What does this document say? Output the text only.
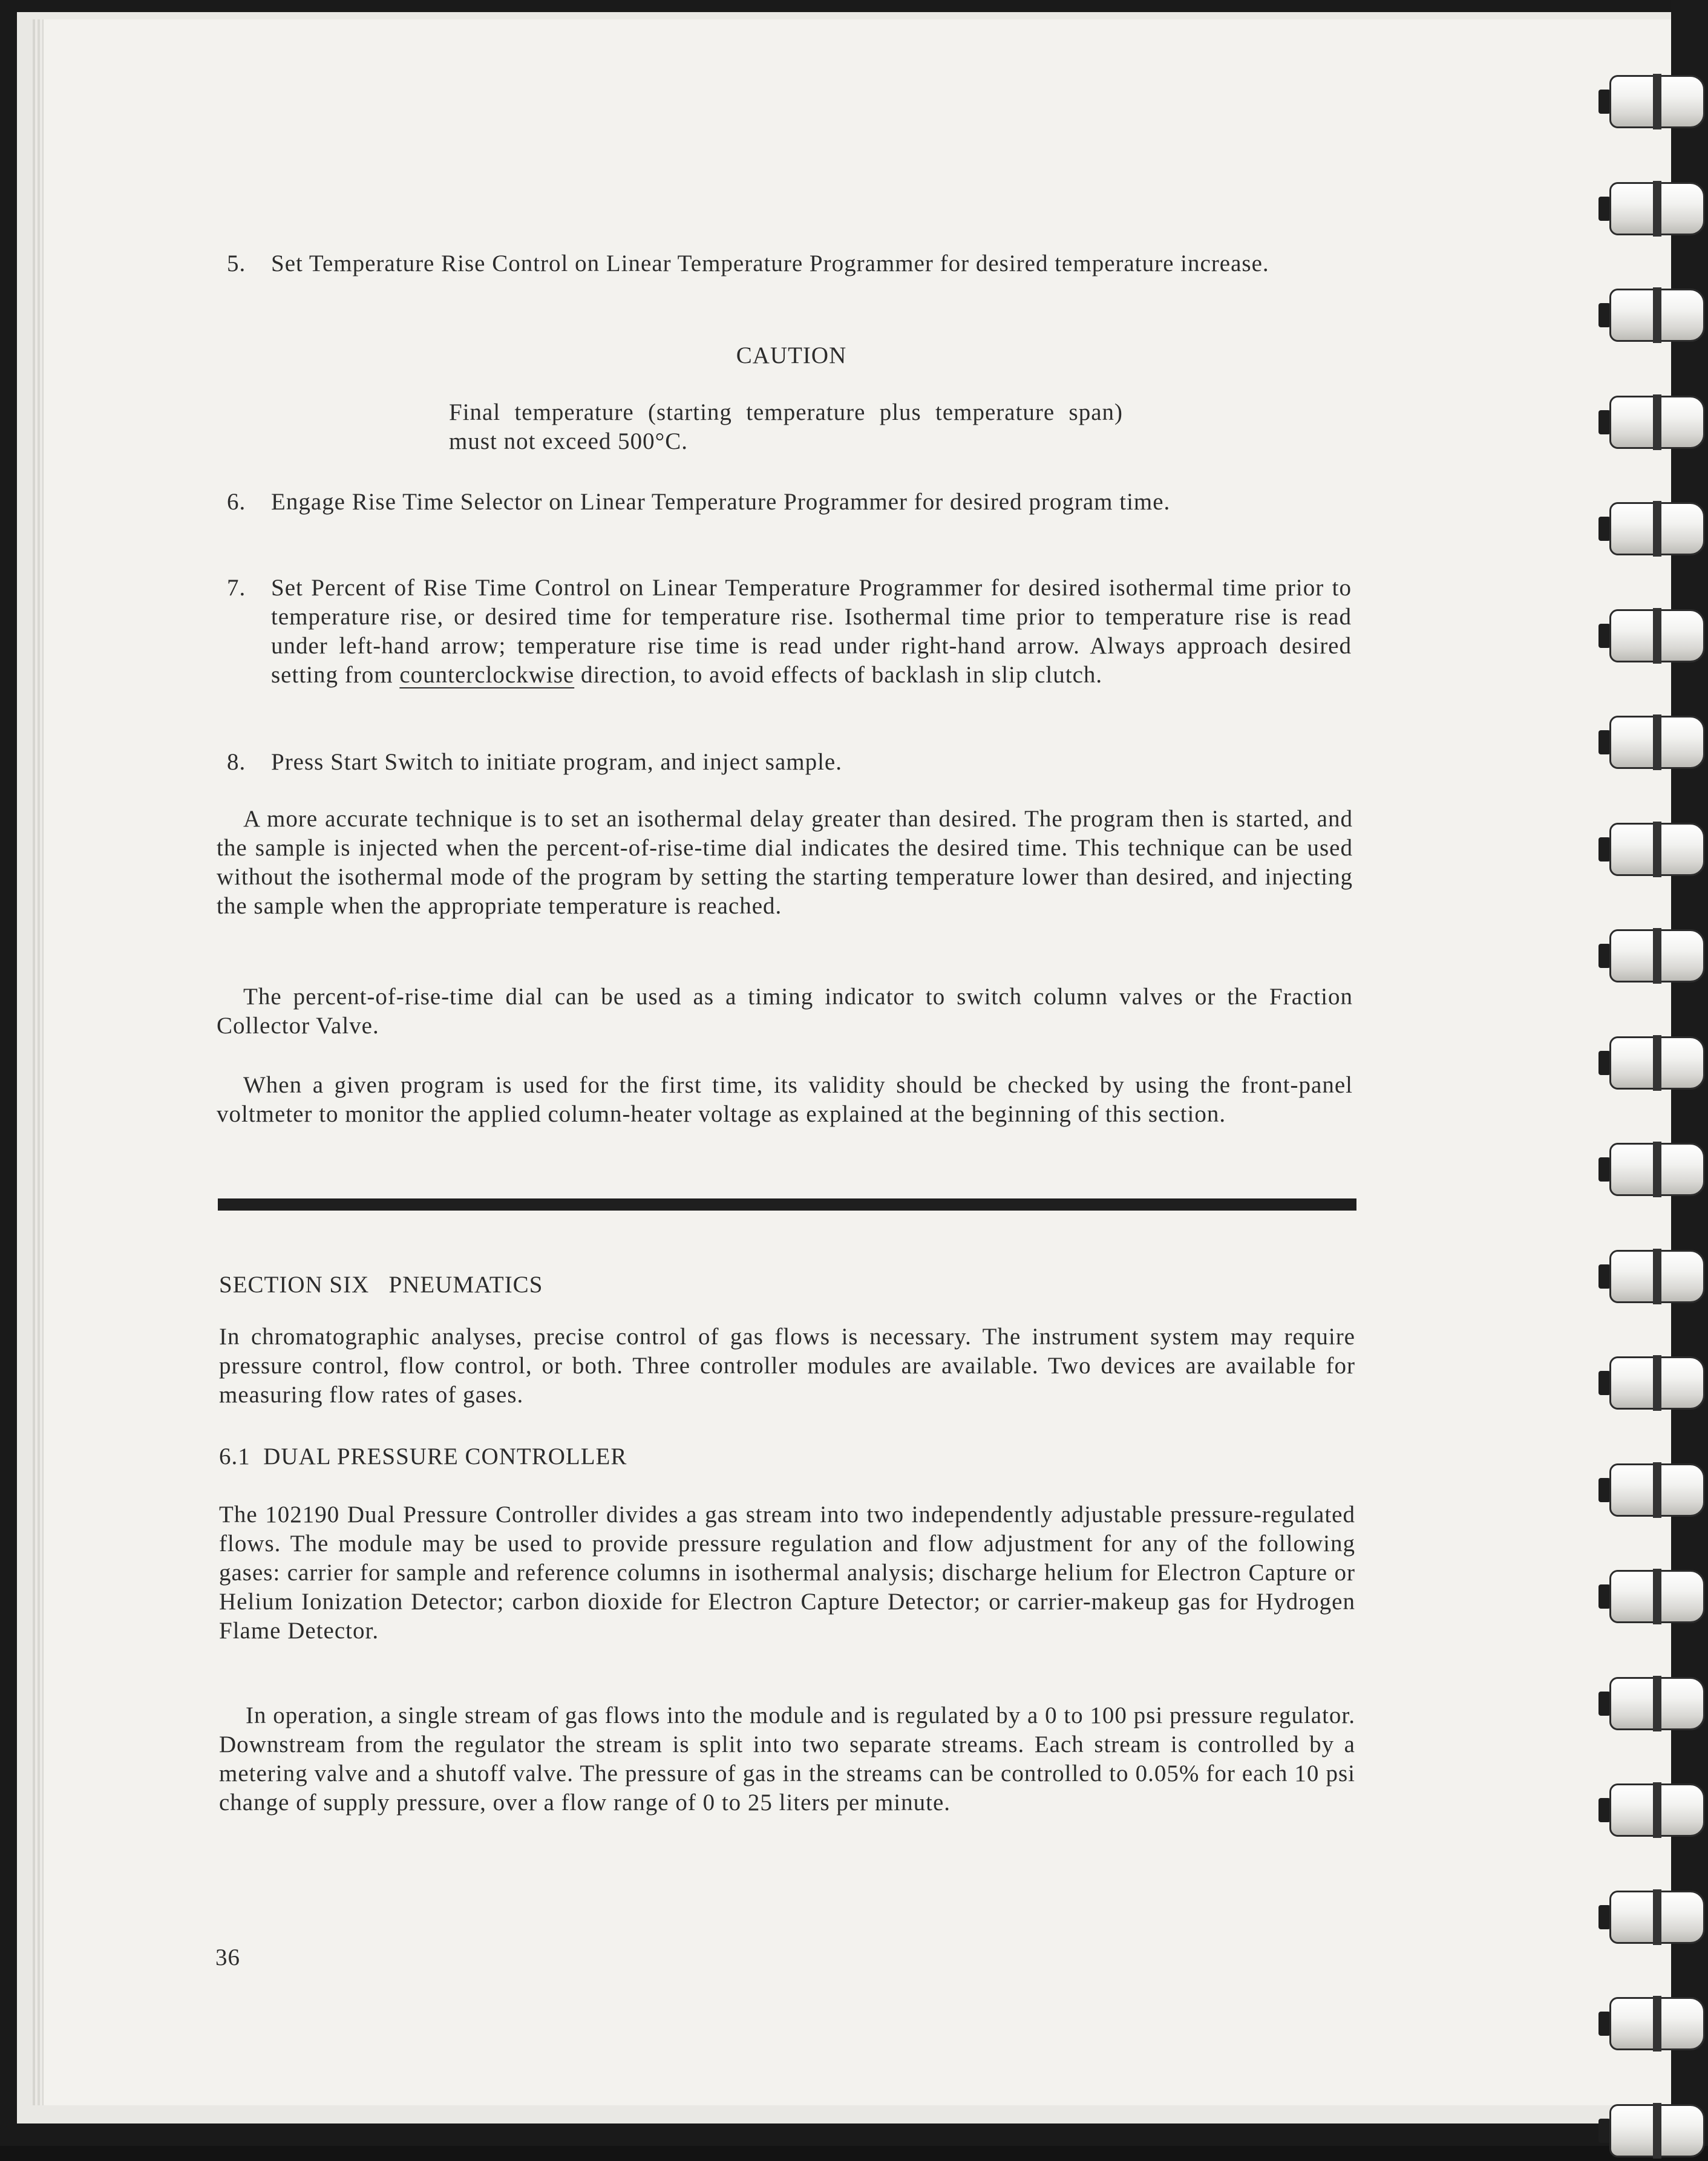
5. Set Temperature Rise Control on Linear Temperature Programmer for desired temperature increase.

CAUTION

Final temperature (starting temperature plus temperature span) must not exceed 500°C.

6. Engage Rise Time Selector on Linear Temperature Programmer for desired program time.

7. Set Percent of Rise Time Control on Linear Temperature Programmer for desired isothermal time prior to temperature rise, or desired time for temperature rise. Isothermal time prior to temperature rise is read under left-hand arrow; temperature rise time is read under right-hand arrow. Always approach desired setting from counterclockwise direction, to avoid effects of backlash in slip clutch.

8. Press Start Switch to initiate program, and inject sample.

A more accurate technique is to set an isothermal delay greater than desired. The program then is started, and the sample is injected when the percent-of-rise-time dial indicates the desired time. This technique can be used without the isothermal mode of the program by setting the starting temperature lower than desired, and injecting the sample when the appropriate temperature is reached.

The percent-of-rise-time dial can be used as a timing indicator to switch column valves or the Fraction Collector Valve.

When a given program is used for the first time, its validity should be checked by using the front-panel voltmeter to monitor the applied column-heater voltage as explained at the beginning of this section.

SECTION SIX   PNEUMATICS

In chromatographic analyses, precise control of gas flows is necessary. The instrument system may require pressure control, flow control, or both. Three controller modules are available. Two devices are available for measuring flow rates of gases.

6.1  DUAL PRESSURE CONTROLLER

The 102190 Dual Pressure Controller divides a gas stream into two independently adjustable pressure-regulated flows. The module may be used to provide pressure regulation and flow adjustment for any of the following gases: carrier for sample and reference columns in isothermal analysis; discharge helium for Electron Capture or Helium Ionization Detector; carbon dioxide for Electron Capture Detector; or carrier-makeup gas for Hydrogen Flame Detector.

In operation, a single stream of gas flows into the module and is regulated by a 0 to 100 psi pressure regulator. Downstream from the regulator the stream is split into two separate streams. Each stream is controlled by a metering valve and a shutoff valve. The pressure of gas in the streams can be controlled to 0.05% for each 10 psi change of supply pressure, over a flow range of 0 to 25 liters per minute.

36
